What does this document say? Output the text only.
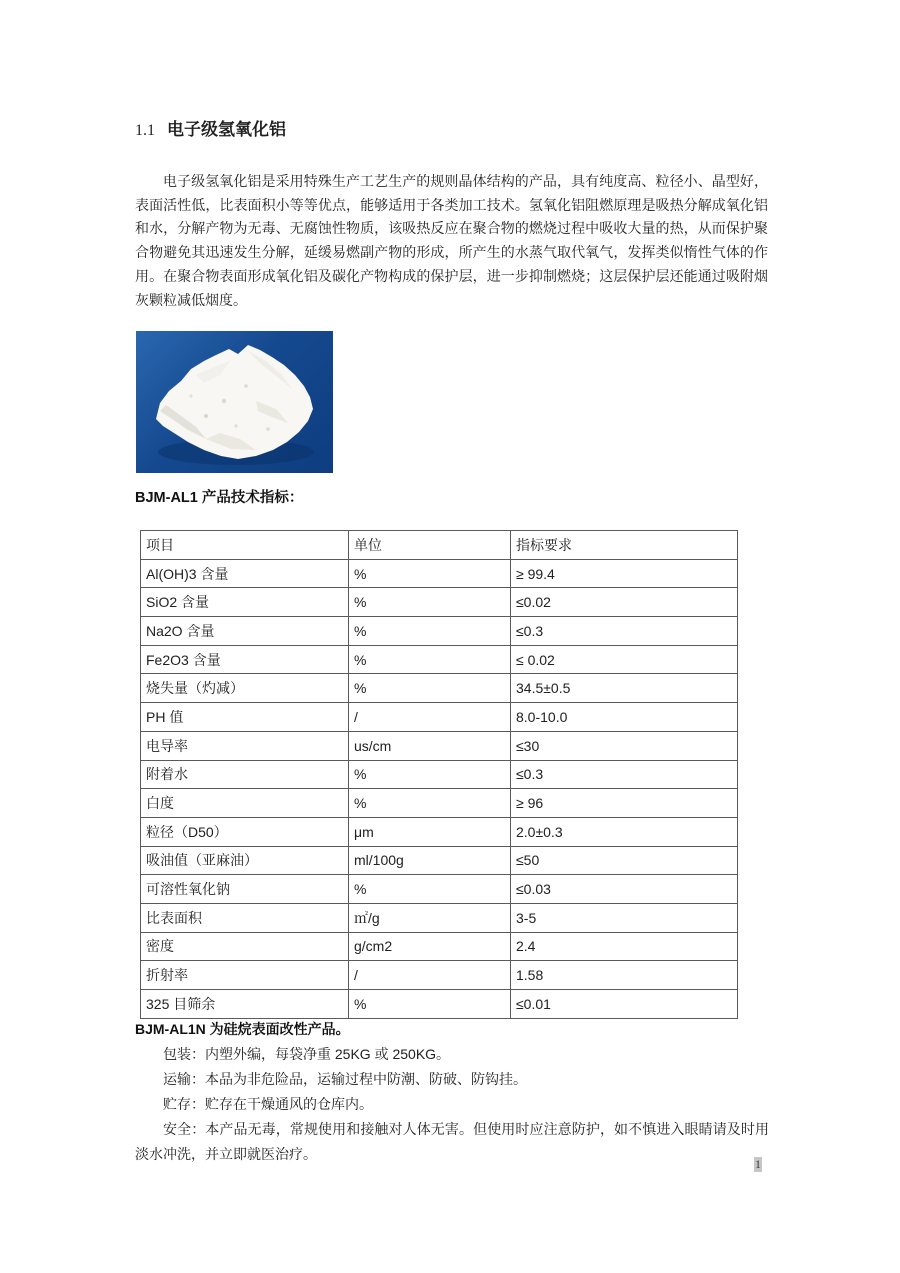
1.1 电子级氢氧化铝
电子级氢氧化铝是采用特殊生产工艺生产的规则晶体结构的产品，具有纯度高、粒径小、晶型好，表面活性低，比表面积小等等优点，能够适用于各类加工技术。氢氧化铝阻燃原理是吸热分解成氧化铝和水，分解产物为无毒、无腐蚀性物质，该吸热反应在聚合物的燃烧过程中吸收大量的热，从而保护聚合物避免其迅速发生分解，延缓易燃副产物的形成，所产生的水蒸气取代氧气，发挥类似惰性气体的作用。在聚合物表面形成氧化铝及碳化产物构成的保护层，进一步抑制燃烧；这层保护层还能通过吸附烟灰颗粒减低烟度。
BJM-AL1 产品技术指标：
项目	单位	指标要求
Al(OH)3 含量	%	≥ 99.4
SiO2 含量	%	≤0.02
Na2O 含量	%	≤0.3
Fe2O3 含量	%	≤ 0.02
烧失量（灼减）	%	34.5±0.5
PH 值	/	8.0-10.0
电导率	us/cm	≤30
附着水	%	≤0.3
白度	%	≥ 96
粒径（D50）	μm	2.0±0.3
吸油值（亚麻油）	ml/100g	≤50
可溶性氧化钠	%	≤0.03
比表面积	㎡/g	3-5
密度	g/cm2	2.4
折射率	/	1.58
325 目筛余	%	≤0.01

BJM-AL1N 为硅烷表面改性产品。

包装：内塑外编，每袋净重 25KG 或 250KG。

运输：本品为非危险品，运输过程中防潮、防破、防钩挂。

贮存：贮存在干燥通风的仓库内。

安全：本产品无毒，常规使用和接触对人体无害。但使用时应注意防护，如不慎进入眼睛请及时用淡水冲洗，并立即就医治疗。

1
